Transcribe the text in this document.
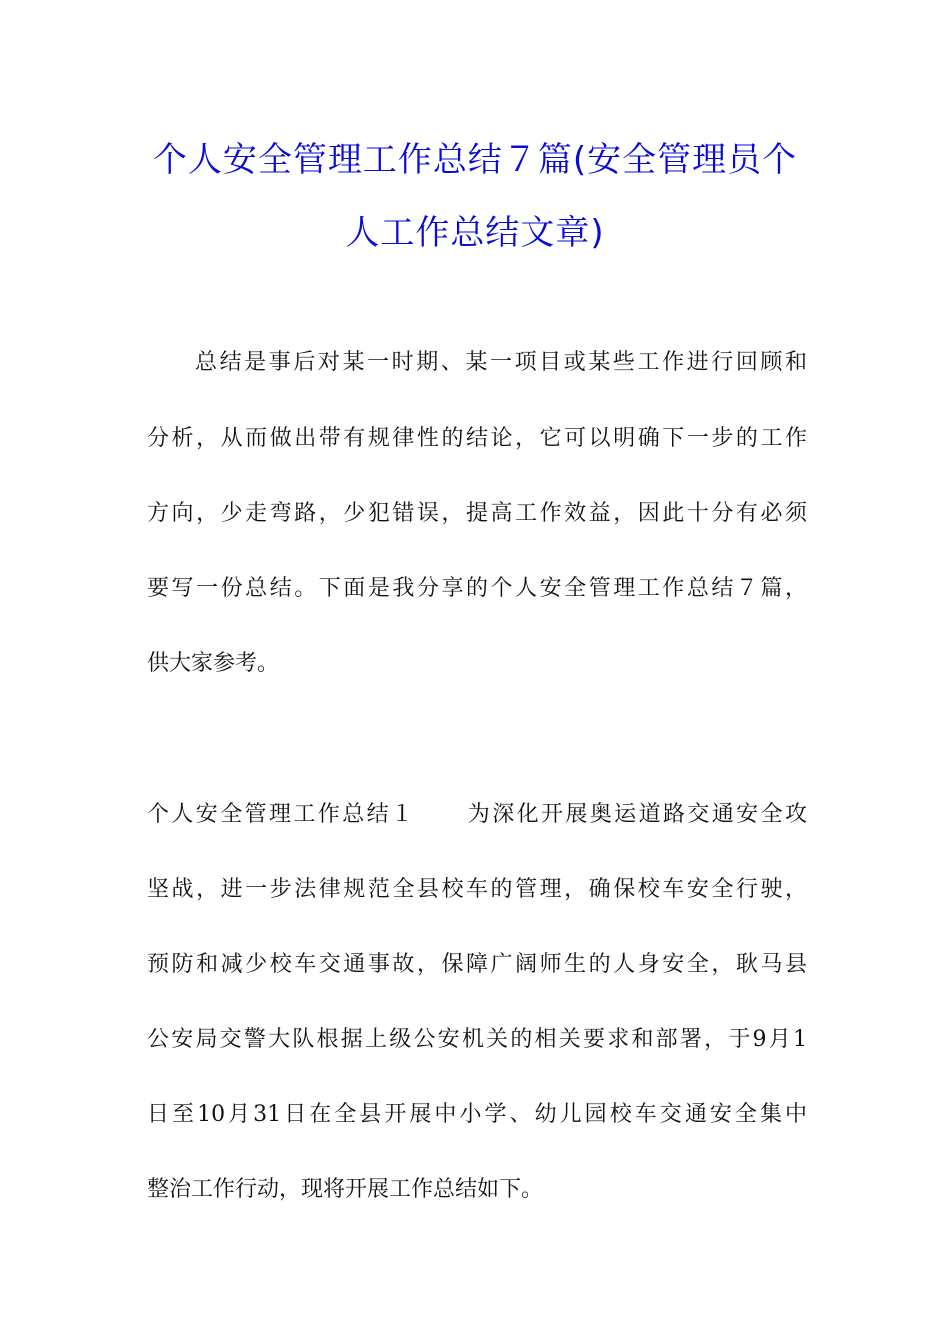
个人安全管理工作总结７篇(安全管理员个
人工作总结文章)
总结是事后对某一时期、某一项目或某些工作进行回顾和
分析，从而做出带有规律性的结论，它可以明确下一步的工作
方向，少走弯路，少犯错误，提高工作效益，因此十分有必须
要写一份总结。下面是我分享的个人安全管理工作总结７篇，
供大家参考。
个人安全管理工作总结１ 为深化开展奥运道路交通安全攻
坚战，进一步法律规范全县校车的管理，确保校车安全行驶，
预防和减少校车交通事故，保障广阔师生的人身安全，耿马县
公安局交警大队根据上级公安机关的相关要求和部署，于9月1
日至10月31日在全县开展中小学、幼儿园校车交通安全集中
整治工作行动，现将开展工作总结如下。
